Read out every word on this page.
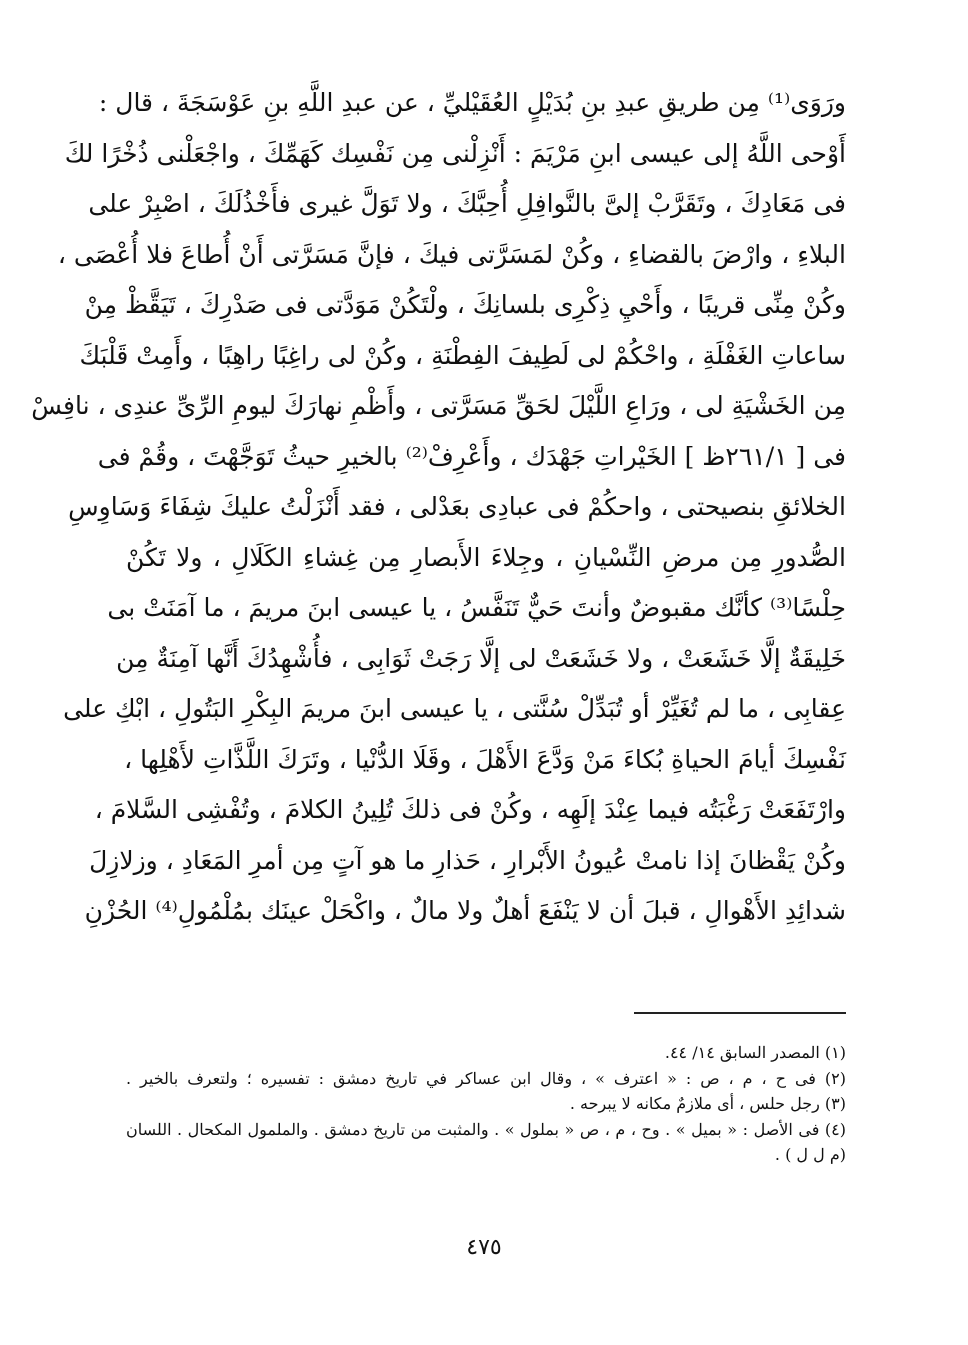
ورَوَى⁽¹⁾ مِن طريقِ عبدِ بنِ بُدَيْلٍ العُقَيْليِّ ، عن عبدِ اللَّهِ بنِ عَوْسَجَةَ ، قال :
أَوْحى اللَّهُ إلى عيسى ابنِ مَرْيَمَ : أَنْزِلْنى مِن نَفْسِك كَهَمِّكَ ، واجْعَلْنى ذُخْرًا لكَ
فى مَعَادِكَ ، وتَقَرَّبْ إلىَّ بالنَّوافِلِ أُحِبَّكَ ، ولا تَوَلَّ غيرى فأَخْذُلَكَ ، اصْبِرْ على
البلاءِ ، وارْضَ بالقضاءِ ، وكُنْ لمَسَرَّتى فيكَ ، فإنَّ مَسَرَّتى أَنْ أُطاعَ فلا أُعْصَى ،
وكُنْ مِنِّى قريبًا ، وأَحْيِ ذِكْرِى بلسانِكَ ، ولْتَكُنْ مَوَدَّتى فى صَدْرِكَ ، تَيَقَّظْ مِنْ
ساعاتِ الغَفْلَةِ ، واحْكُمْ لى لَطِيفَ الفِطْنَةِ ، وكُنْ لى راغِبًا راهِبًا ، وأَمِتْ قَلْبَكَ
مِن الخَشْيَةِ لى ، ورَاعِ اللَّيْلَ لحَقِّ مَسَرَّتى ، وأَظْمِ نهارَكَ ليومِ الرِّىِّ عندِى ، نافِسْ
فى [ ٢٦١/١ظ ] الخَيْراتِ جَهْدَك ، وأَعْرِفْ⁽²⁾ بالخيرِ حيثُ تَوَجَّهْتَ ، وقُمْ فى
الخلائقِ بنصيحتى ، واحكُمْ فى عبادِى بعَدْلى ، فقد أَنْزَلْتُ عليكَ شِفَاءَ وَسَاوِسِ
الصُّدورِ مِن مرضِ النِّسْيانِ ، وجِلاءَ الأَبصارِ مِن غِشاءِ الكَلَالِ ، ولا تَكُنْ
حِلْسًا⁽³⁾ كأنَّك مقبوضٌ وأنتَ حَيٌّ تَنَفَّسُ ، يا عيسى ابنَ مريمَ ، ما آمَنَتْ بى
خَلِيقَةٌ إلَّا خَشَعَتْ ، ولا خَشَعَتْ لى إلَّا رَجَتْ ثَوَابِى ، فأُشْهِدُكَ أَنَّها آمِنَةٌ مِن
عِقابِى ، ما لم تُغَيِّرْ أو تُبَدِّلْ سُنَّتى ، يا عيسى ابنَ مريمَ البِكْرِ البَتُولِ ، ابْكِ على
نَفْسِكَ أيامَ الحياةِ بُكاءَ مَنْ وَدَّعَ الأَهْلَ ، وقَلَا الدُّنْيا ، وتَرَكَ اللَّذَّاتِ لأَهْلِها ،
وارْتَفَعَتْ رَغْبَتُه فيما عِنْدَ إلَهِه ، وكُنْ فى ذلكَ تُلِينُ الكلامَ ، وتُفْشِى السَّلامَ ،
وكُنْ يَقْظانَ إذا نامتْ عُيونُ الأَبْرارِ ، حَذارِ ما هو آتٍ مِن أمرِ المَعَادِ ، وزلازِلَ
شدائِدِ الأَهْوالِ ، قبلَ أن لا يَنْفَعَ أهلٌ ولا مالٌ ، واكْحَلْ عينَك بمُلْمُولِ⁽⁴⁾ الحُزْنِ
(١) المصدر السابق ١٤/ ٤٤.
(٢) فى ح ، م ، ص : « اعترف » ، وقال ابن عساكر في تاريخ دمشق : تفسيره ؛ ولتعرف بالخير .
(٣) رجل حلس ، أى ملازمٌ مكانه لا يبرحه .
(٤) فى الأصل : « بميل » . وح ، م ، ص « بملول » . والمثبت من تاريخ دمشق . والملمول المكحال . اللسان
(م ل ل ) .
٤٧٥
